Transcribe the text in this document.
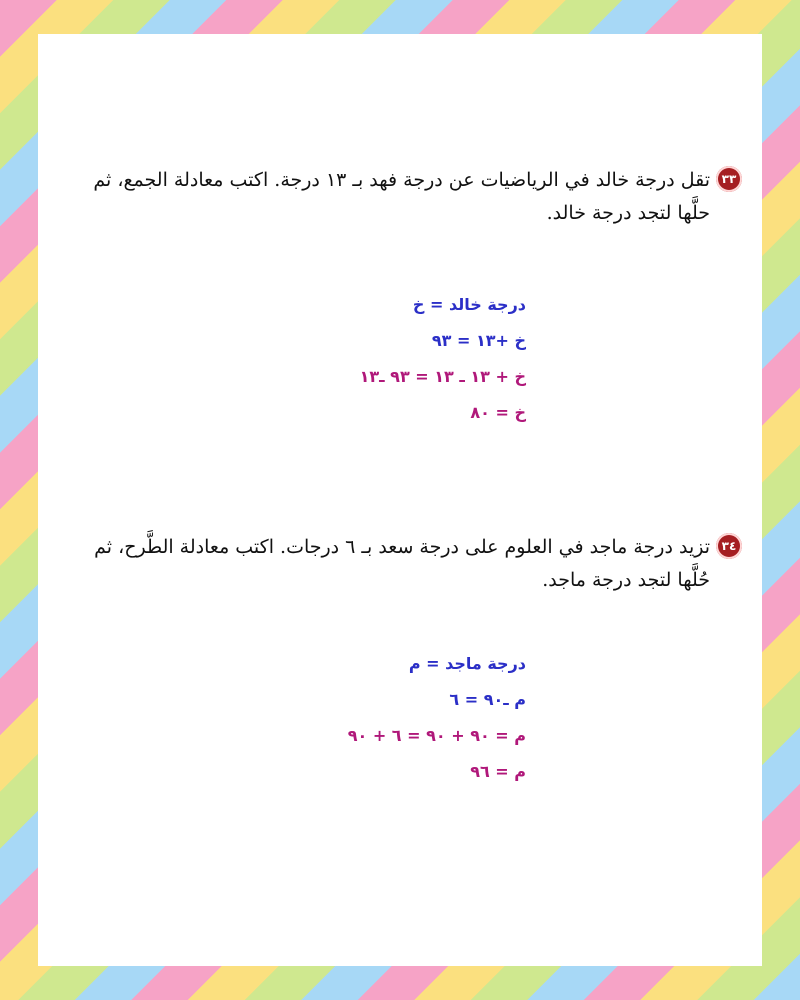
٣٣
تقل درجة خالد في الرياضيات عن درجة فهد بـ ١٣ درجة. اكتب معادلة الجمع، ثم حلَّها لتجد درجة خالد.
درجة خالد = خ
خ +١٣ = ٩٣
خ + ١٣ ـ ١٣ = ٩٣ ـ١٣
خ = ٨٠
٣٤
تزيد درجة ماجد في العلوم على درجة سعد بـ ٦ درجات. اكتب معادلة الطَّرح، ثم حُلَّها لتجد درجة ماجد.
درجة ماجد = م
م ـ٩٠ = ٦
م = ٩٠ + ٩٠ = ٦ + ٩٠
م = ٩٦
